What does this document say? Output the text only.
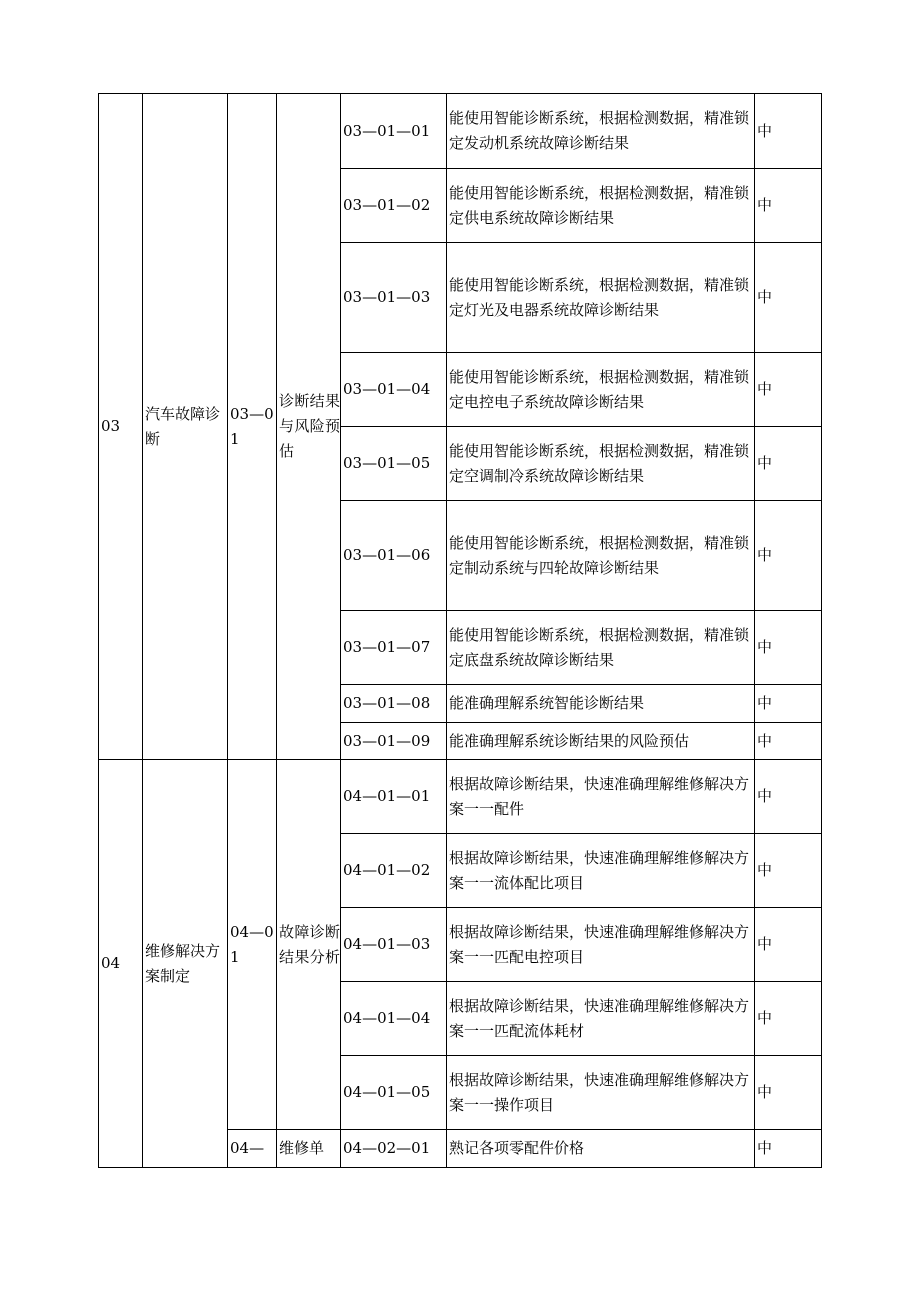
03	汽车故障诊断	03—01	诊断结果与风险预估	03—01—01	能使用智能诊断系统，根据检测数据，精准锁定发动机系统故障诊断结果	中
				03—01—02	能使用智能诊断系统，根据检测数据，精准锁定供电系统故障诊断结果	中
				03—01—03	能使用智能诊断系统，根据检测数据，精准锁定灯光及电器系统故障诊断结果	中
				03—01—04	能使用智能诊断系统，根据检测数据，精准锁定电控电子系统故障诊断结果	中
				03—01—05	能使用智能诊断系统，根据检测数据，精准锁定空调制冷系统故障诊断结果	中
				03—01—06	能使用智能诊断系统，根据检测数据，精准锁定制动系统与四轮故障诊断结果	中
				03—01—07	能使用智能诊断系统，根据检测数据，精准锁定底盘系统故障诊断结果	中
				03—01—08	能准确理解系统智能诊断结果	中
				03—01—09	能准确理解系统诊断结果的风险预估	中
04	维修解决方案制定	04—01	故障诊断结果分析	04—01—01	根据故障诊断结果，快速准确理解维修解决方案一一配件	中
				04—01—02	根据故障诊断结果，快速准确理解维修解决方案一一流体配比项目	中
				04—01—03	根据故障诊断结果，快速准确理解维修解决方案一一匹配电控项目	中
				04—01—04	根据故障诊断结果，快速准确理解维修解决方案一一匹配流体耗材	中
				04—01—05	根据故障诊断结果，快速准确理解维修解决方案一一操作项目	中
		04—	维修单	04—02—01	熟记各项零配件价格	中
